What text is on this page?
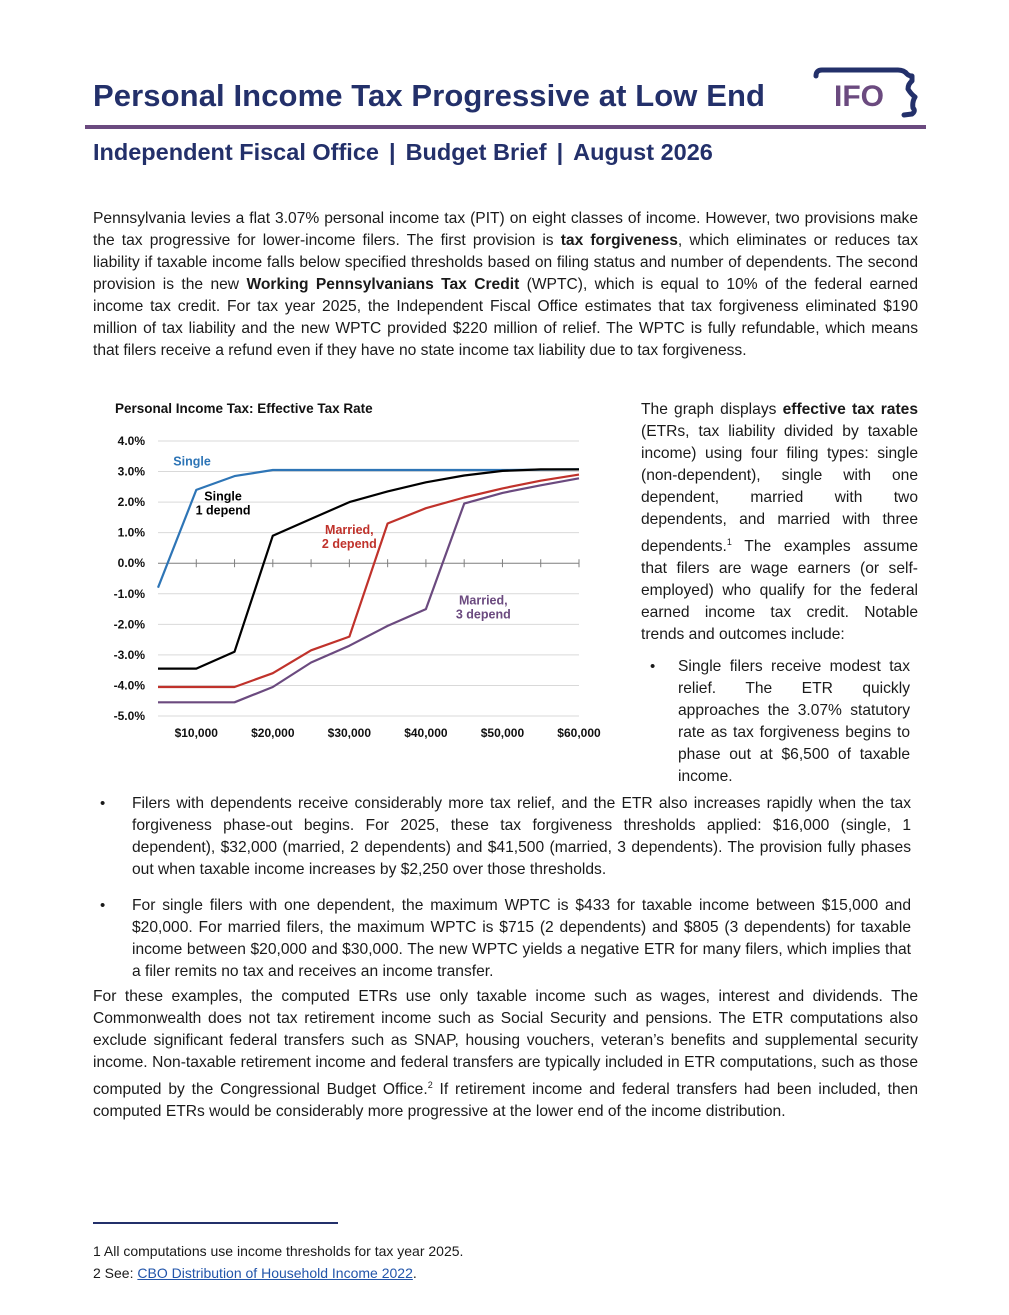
Personal Income Tax Progressive at Low End IFO
Independent Fiscal Office | Budget Brief | August 2026

Pennsylvania levies a flat 3.07% personal income tax (PIT) on eight classes of income. However, two provisions make the tax progressive for lower-income filers. The first provision is tax forgiveness, which eliminates or reduces tax liability if taxable income falls below specified thresholds based on filing status and number of dependents. The second provision is the new Working Pennsylvanians Tax Credit (WPTC), which is equal to 10% of the federal earned income tax credit. For tax year 2025, the Independent Fiscal Office estimates that tax forgiveness eliminated $190 million of tax liability and the new WPTC provided $220 million of relief. The WPTC is fully refundable, which means that filers receive a refund even if they have no state income tax liability due to tax forgiveness.

Personal Income Tax: Effective Tax Rate
4.0%
3.0%
2.0%
1.0%
0.0%
-1.0%
-2.0%
-3.0%
-4.0%
-5.0%
$10,000	$20,000	$30,000	$40,000	$50,000	$60,000
Single
Single
1 depend
Married,
2 depend
Married,
3 depend

The graph displays effective tax rates (ETRs, tax liability divided by taxable income) using four filing types: single (non-dependent), single with one dependent, married with two dependents, and married with three dependents.$^1$ The examples assume that filers are wage earners (or self-employed) who qualify for the federal earned income tax credit. Notable trends and outcomes include:

• Single filers receive modest tax relief. The ETR quickly approaches the 3.07% statutory rate as tax forgiveness begins to phase out at $6,500 of taxable income.

• Filers with dependents receive considerably more tax relief, and the ETR also increases rapidly when the tax forgiveness phase-out begins. For 2025, these tax forgiveness thresholds applied: $16,000 (single, 1 dependent), $32,000 (married, 2 dependents) and $41,500 (married, 3 dependents). The provision fully phases out when taxable income increases by $2,250 over those thresholds.

• For single filers with one dependent, the maximum WPTC is $433 for taxable income between $15,000 and $20,000. For married filers, the maximum WPTC is $715 (2 dependents) and $805 (3 dependents) for taxable income between $20,000 and $30,000. The new WPTC yields a negative ETR for many filers, which implies that a filer remits no tax and receives an income transfer.

For these examples, the computed ETRs use only taxable income such as wages, interest and dividends. The Commonwealth does not tax retirement income such as Social Security and pensions. The ETR computations also exclude significant federal transfers such as SNAP, housing vouchers, veteran’s benefits and supplemental security income. Non-taxable retirement income and federal transfers are typically included in ETR computations, such as those computed by the Congressional Budget Office.$^2$ If retirement income and federal transfers had been included, then computed ETRs would be considerably more progressive at the lower end of the income distribution.

1 All computations use income thresholds for tax year 2025.
2 See: CBO Distribution of Household Income 2022.
